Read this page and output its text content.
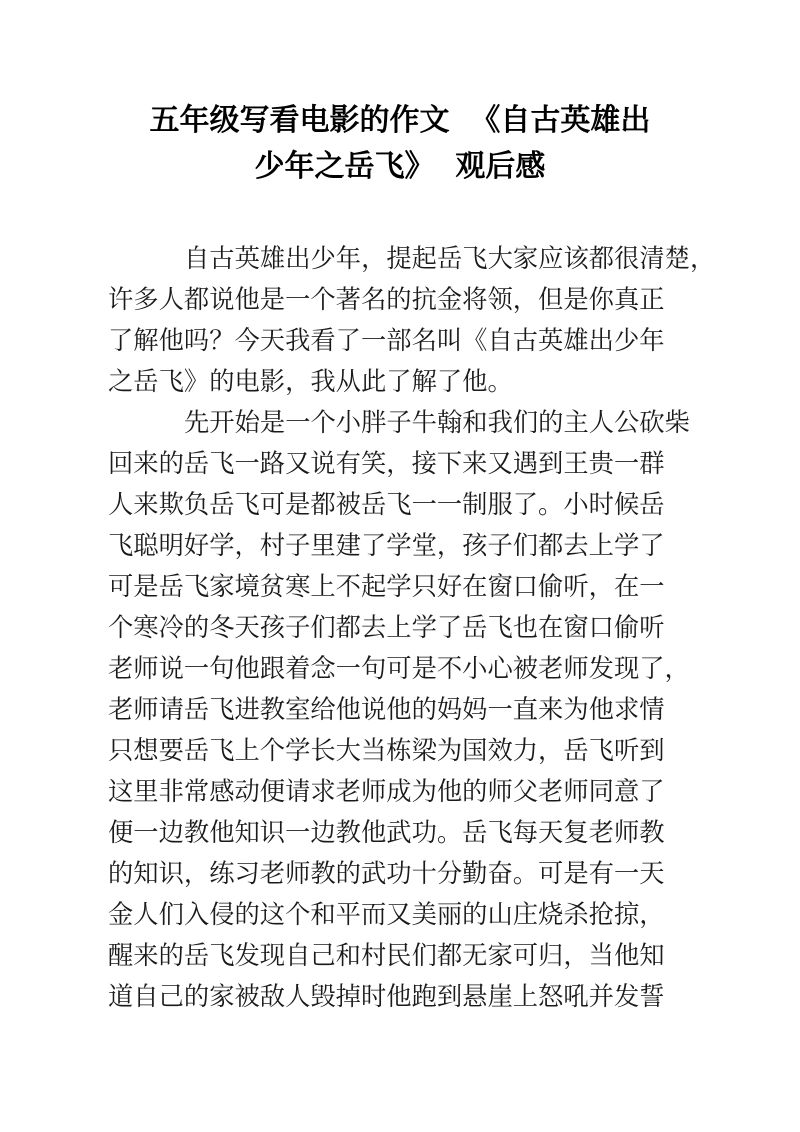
五年级写看电影的作文  《自古英雄出
少年之岳飞》  观后感
自古英雄出少年，提起岳飞大家应该都很清楚，
许多人都说他是一个著名的抗金将领，但是你真正
了解他吗？今天我看了一部名叫《自古英雄出少年
之岳飞》的电影，我从此了解了他。
先开始是一个小胖子牛翰和我们的主人公砍柴
回来的岳飞一路又说有笑，接下来又遇到王贵一群
人来欺负岳飞可是都被岳飞一一制服了。小时候岳
飞聪明好学，村子里建了学堂，孩子们都去上学了
可是岳飞家境贫寒上不起学只好在窗口偷听，在一
个寒冷的冬天孩子们都去上学了岳飞也在窗口偷听
老师说一句他跟着念一句可是不小心被老师发现了，
老师请岳飞进教室给他说他的妈妈一直来为他求情
只想要岳飞上个学长大当栋梁为国效力，岳飞听到
这里非常感动便请求老师成为他的师父老师同意了
便一边教他知识一边教他武功。岳飞每天复老师教
的知识，练习老师教的武功十分勤奋。可是有一天
金人们入侵的这个和平而又美丽的山庄烧杀抢掠，
醒来的岳飞发现自己和村民们都无家可归，当他知
道自己的家被敌人毁掉时他跑到悬崖上怒吼并发誓
